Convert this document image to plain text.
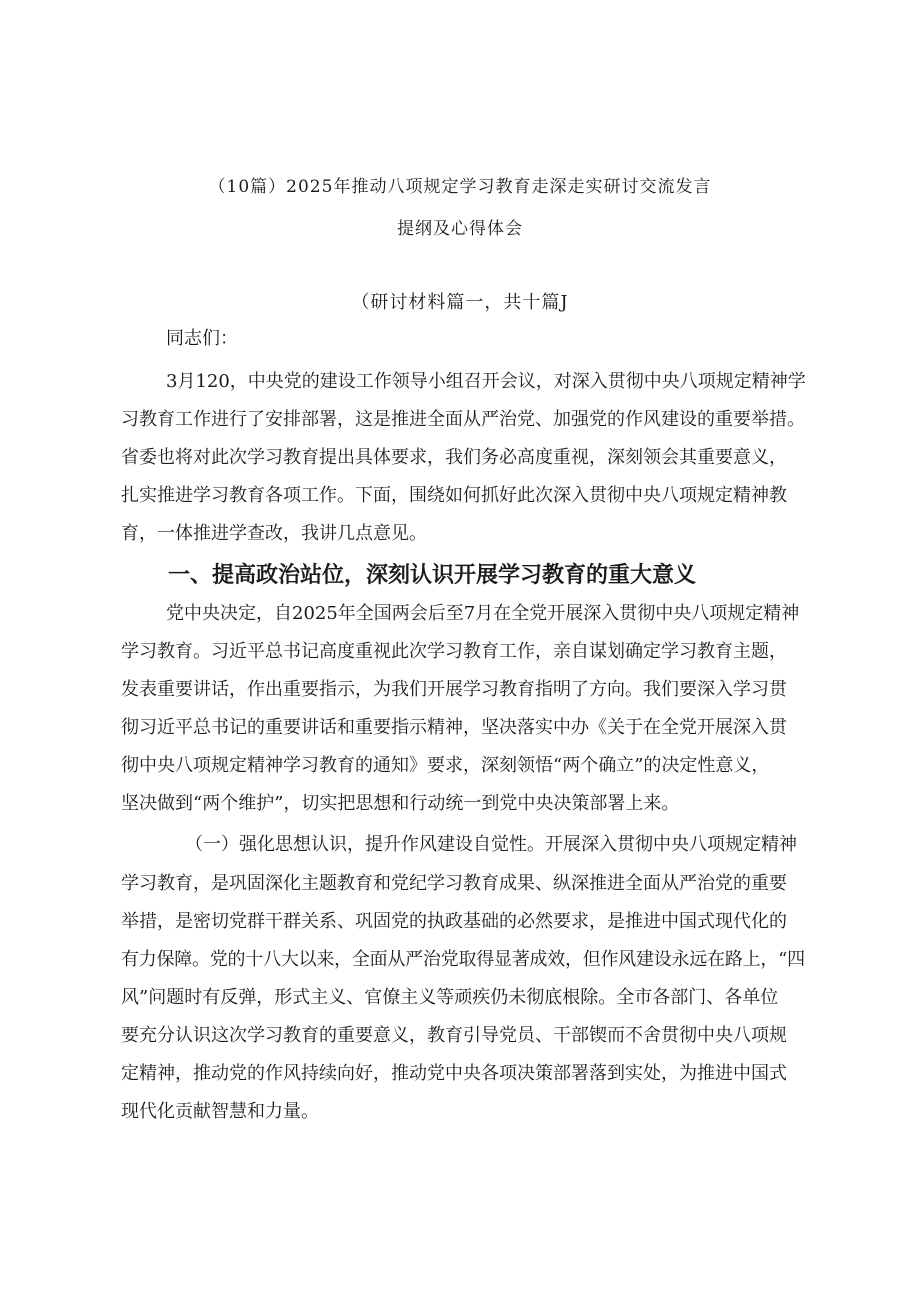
（10篇）2025年推动八项规定学习教育走深走实研讨交流发言
提纲及心得体会
（研讨材料篇一，共十篇J
同志们：
3月120，中央党的建设工作领导小组召开会议，对深入贯彻中央八项规定精神学
习教育工作进行了安排部署，这是推进全面从严治党、加强党的作风建设的重要举措。
省委也将对此次学习教育提出具体要求，我们务必高度重视，深刻领会其重要意义，
扎实推进学习教育各项工作。下面，围绕如何抓好此次深入贯彻中央八项规定精神教
育，一体推进学查改，我讲几点意见。
一、提高政治站位，深刻认识开展学习教育的重大意义
党中央决定，自2025年全国两会后至7月在全党开展深入贯彻中央八项规定精神
学习教育。习近平总书记高度重视此次学习教育工作，亲自谋划确定学习教育主题，
发表重要讲话，作出重要指示，为我们开展学习教育指明了方向。我们要深入学习贯
彻习近平总书记的重要讲话和重要指示精神，坚决落实中办《关于在全党开展深入贯
彻中央八项规定精神学习教育的通知》要求，深刻领悟“两个确立”的决定性意义，
坚决做到“两个维护”，切实把思想和行动统一到党中央决策部署上来。
（一）强化思想认识，提升作风建设自觉性。开展深入贯彻中央八项规定精神
学习教育，是巩固深化主题教育和党纪学习教育成果、纵深推进全面从严治党的重要
举措，是密切党群干群关系、巩固党的执政基础的必然要求，是推进中国式现代化的
有力保障。党的十八大以来，全面从严治党取得显著成效，但作风建设永远在路上，“四
风”问题时有反弹，形式主义、官僚主义等顽疾仍未彻底根除。全市各部门、各单位
要充分认识这次学习教育的重要意义，教育引导党员、干部锲而不舍贯彻中央八项规
定精神，推动党的作风持续向好，推动党中央各项决策部署落到实处，为推进中国式
现代化贡献智慧和力量。
